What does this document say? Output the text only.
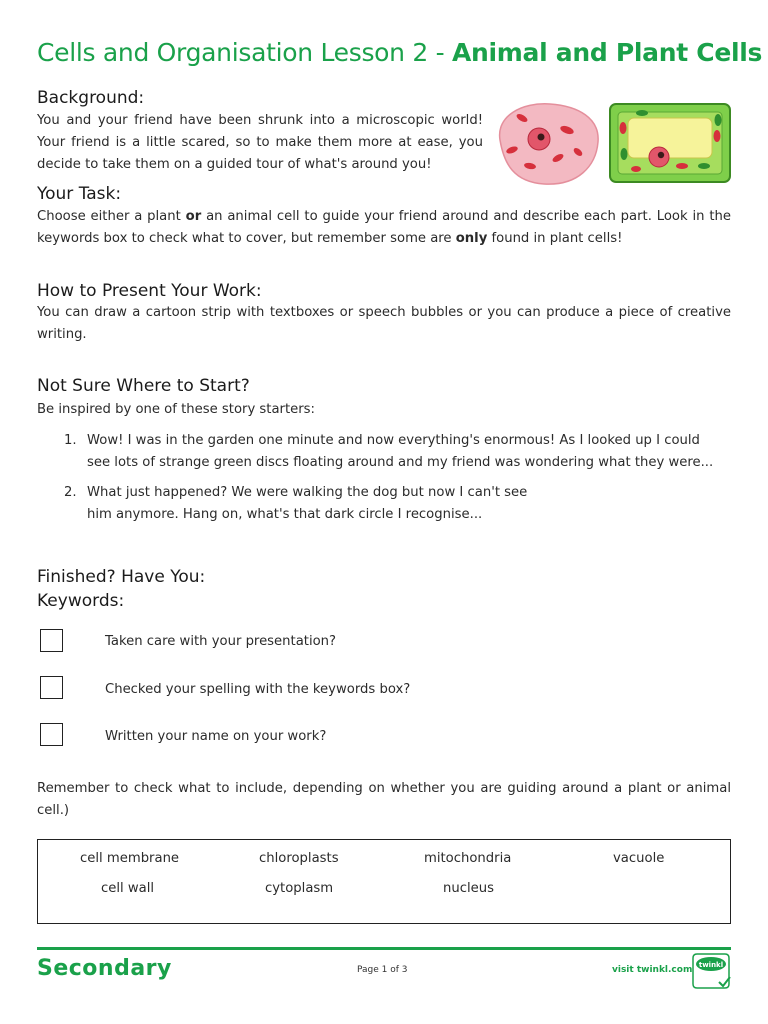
Cells and Organisation Lesson 2 - Animal and Plant Cells
Background:
You and your friend have been shrunk into a microscopic world! Your friend is a little scared, so to make them more at ease, you decide to take them on a guided tour of what's around you!
Your Task:
Choose either a plant or an animal cell to guide your friend around and describe each part. Look in the keywords box to check what to cover, but remember some are only found in plant cells!
How to Present Your Work:
You can draw a cartoon strip with textboxes or speech bubbles or you can produce a piece of creative writing.
Not Sure Where to Start?
Be inspired by one of these story starters:
1. Wow! I was in the garden one minute and now everything's enormous! As I looked up I could see lots of strange green discs floating around and my friend was wondering what they were...
2. What just happened? We were walking the dog but now I can't see
him anymore. Hang on, what's that dark circle I recognise...
Finished? Have You:
Keywords:
Taken care with your presentation?
Checked your spelling with the keywords box?
Written your name on your work?
Remember to check what to include, depending on whether you are guiding around a plant or animal cell.)
cell membrane	chloroplasts	mitochondria	vacuole
cell wall	cytoplasm	nucleus
Secondary	Page 1 of 3	visit twinkl.com twinkl
